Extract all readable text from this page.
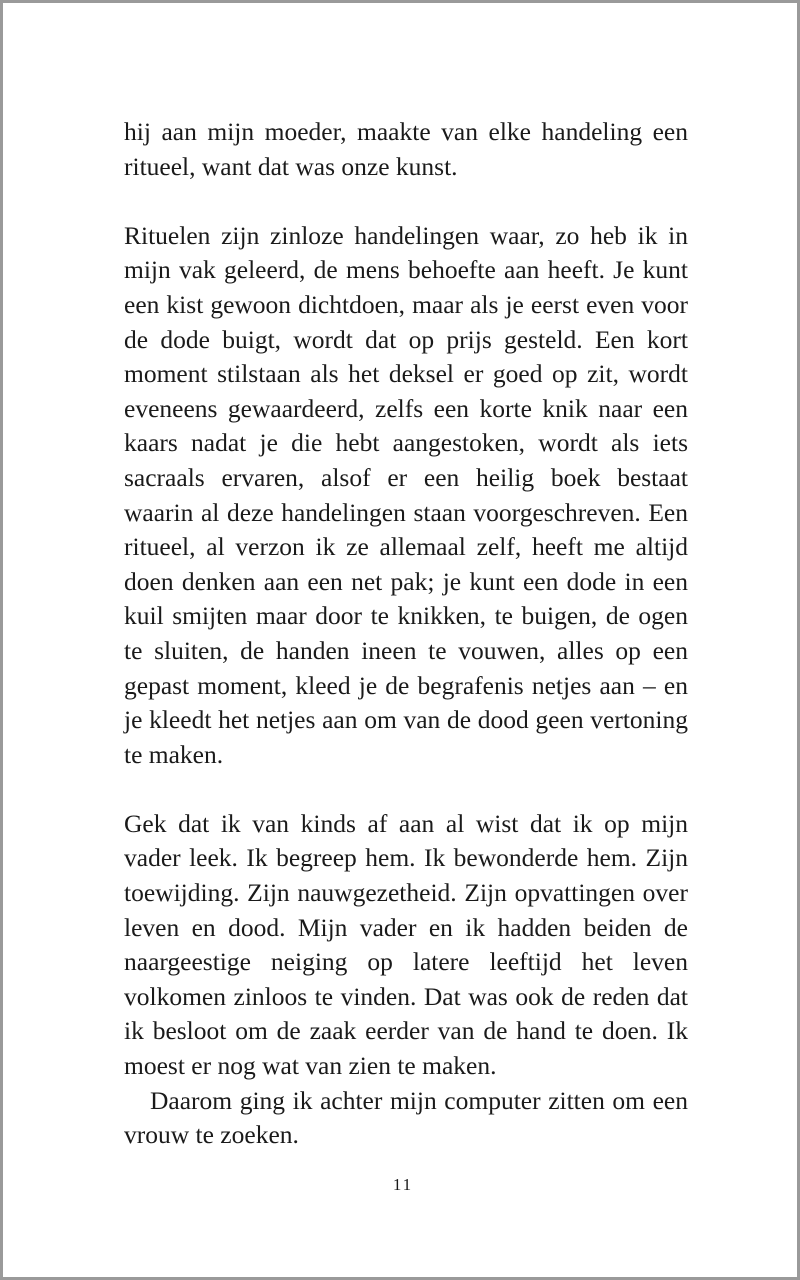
hij aan mijn moeder, maakte van elke handeling een ritueel, want dat was onze kunst.

Rituelen zijn zinloze handelingen waar, zo heb ik in mijn vak geleerd, de mens behoefte aan heeft. Je kunt een kist gewoon dichtdoen, maar als je eerst even voor de dode buigt, wordt dat op prijs gesteld. Een kort moment stilstaan als het deksel er goed op zit, wordt eveneens gewaardeerd, zelfs een korte knik naar een kaars nadat je die hebt aangestoken, wordt als iets sacraals ervaren, alsof er een heilig boek bestaat waarin al deze handelingen staan voorgeschreven. Een ritueel, al verzon ik ze allemaal zelf, heeft me altijd doen denken aan een net pak; je kunt een dode in een kuil smijten maar door te knikken, te buigen, de ogen te sluiten, de handen ineen te vouwen, alles op een gepast moment, kleed je de begrafenis netjes aan – en je kleedt het netjes aan om van de dood geen vertoning te maken.

Gek dat ik van kinds af aan al wist dat ik op mijn vader leek. Ik begreep hem. Ik bewonderde hem. Zijn toewijding. Zijn nauwgezetheid. Zijn opvattingen over leven en dood. Mijn vader en ik hadden beiden de naargeestige neiging op latere leeftijd het leven volkomen zinloos te vinden. Dat was ook de reden dat ik besloot om de zaak eerder van de hand te doen. Ik moest er nog wat van zien te maken.

Daarom ging ik achter mijn computer zitten om een vrouw te zoeken.

11
